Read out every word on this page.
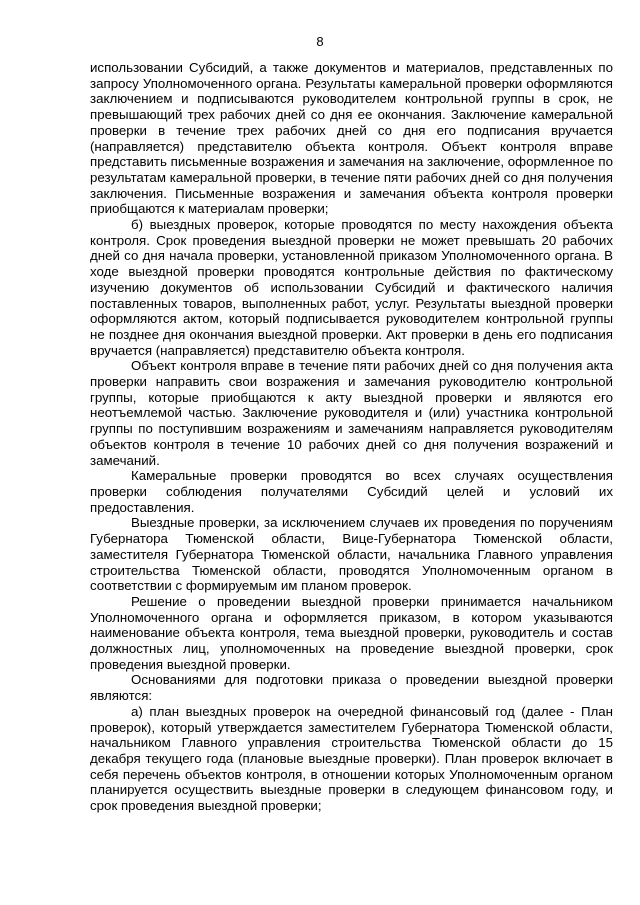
8

использовании Субсидий, а также документов и материалов, представленных по запросу Уполномоченного органа. Результаты камеральной проверки оформляются заключением и подписываются руководителем контрольной группы в срок, не превышающий трех рабочих дней со дня ее окончания. Заключение камеральной проверки в течение трех рабочих дней со дня его подписания вручается (направляется) представителю объекта контроля. Объект контроля вправе представить письменные возражения и замечания на заключение, оформленное по результатам камеральной проверки, в течение пяти рабочих дней со дня получения заключения. Письменные возражения и замечания объекта контроля проверки приобщаются к материалам проверки;

б) выездных проверок, которые проводятся по месту нахождения объекта контроля. Срок проведения выездной проверки не может превышать 20 рабочих дней со дня начала проверки, установленной приказом Уполномоченного органа. В ходе выездной проверки проводятся контрольные действия по фактическому изучению документов об использовании Субсидий и фактического наличия поставленных товаров, выполненных работ, услуг. Результаты выездной проверки оформляются актом, который подписывается руководителем контрольной группы не позднее дня окончания выездной проверки. Акт проверки в день его подписания вручается (направляется) представителю объекта контроля.

Объект контроля вправе в течение пяти рабочих дней со дня получения акта проверки направить свои возражения и замечания руководителю контрольной группы, которые приобщаются к акту выездной проверки и являются его неотъемлемой частью. Заключение руководителя и (или) участника контрольной группы по поступившим возражениям и замечаниям направляется руководителям объектов контроля в течение 10 рабочих дней со дня получения возражений и замечаний.

Камеральные проверки проводятся во всех случаях осуществления проверки соблюдения получателями Субсидий целей и условий их предоставления.

Выездные проверки, за исключением случаев их проведения по поручениям Губернатора Тюменской области, Вице-Губернатора Тюменской области, заместителя Губернатора Тюменской области, начальника Главного управления строительства Тюменской области, проводятся Уполномоченным органом в соответствии с формируемым им планом проверок.

Решение о проведении выездной проверки принимается начальником Уполномоченного органа и оформляется приказом, в котором указываются наименование объекта контроля, тема выездной проверки, руководитель и состав должностных лиц, уполномоченных на проведение выездной проверки, срок проведения выездной проверки.

Основаниями для подготовки приказа о проведении выездной проверки являются:

а) план выездных проверок на очередной финансовый год (далее - План проверок), который утверждается заместителем Губернатора Тюменской области, начальником Главного управления строительства Тюменской области до 15 декабря текущего года (плановые выездные проверки). План проверок включает в себя перечень объектов контроля, в отношении которых Уполномоченным органом планируется осуществить выездные проверки в следующем финансовом году, и срок проведения выездной проверки;
